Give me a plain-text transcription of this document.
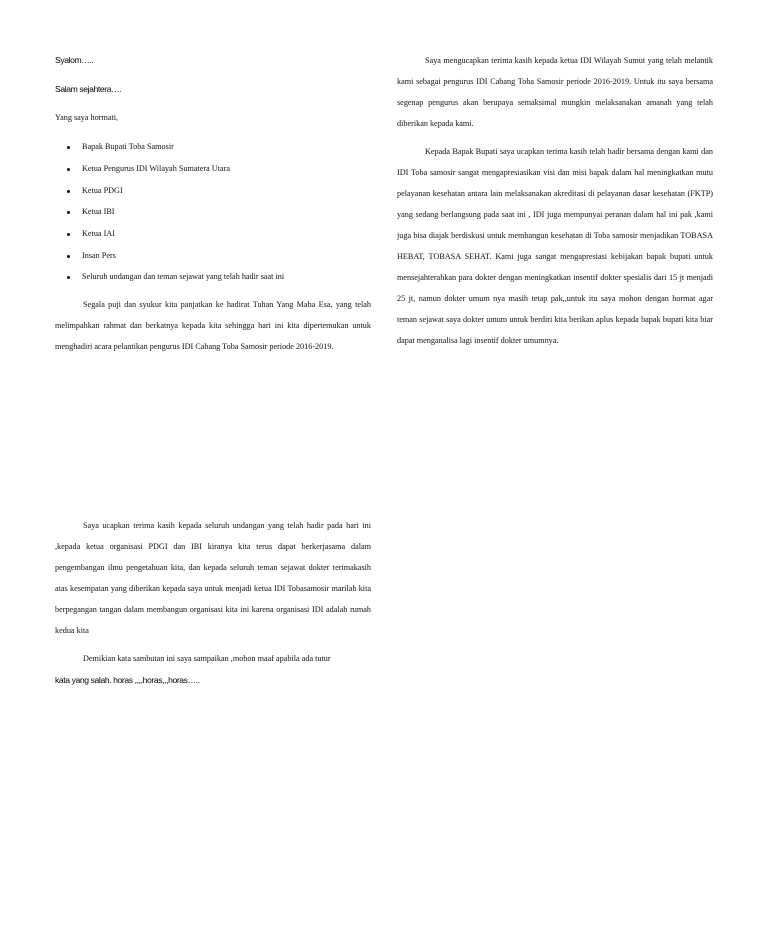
Syalom…..
Salam sejahtera….
Yang saya hormati,
Bapak Bupati Toba Samosir
Ketua Pengurus IDI Wilayah Sumatera Utara
Ketua PDGI
Ketua IBI
Ketua IAI
Insan Pers
Seluruh undangan dan teman sejawat yang telah hadir saat ini

Segala puji dan syukur kita panjatkan ke hadirat Tuhan Yang Maha Esa, yang telah melimpahkan rahmat dan berkatnya kepada kita sehingga hari ini kita dipertemukan untuk menghadiri acara pelantikan pengurus IDI Cabang Toba Samosir periode 2016-2019.

Saya ucapkan terima kasih kepada seluruh undangan yang telah hadir pada hari ini ,kepada ketua organisasi PDGI dan IBI kiranya kita terus dapat berkerjasama dalam pengembangan ilmu pengetahuan kita, dan kepada seluruh teman sejawat dokter terimakasih atas kesempatan yang diberikan kepada saya untuk menjadi ketua IDI Tobasamosir marilah kita berpegangan tangan dalam membangun organisasi kita ini karena organisasi IDI adalah rumah kedua kita

Demikian kata sambutan ini saya sampaikan ,mohon maaf apabila ada tutur

kata yang salah. horas ,,,,horas,,,horas…..

Saya mengucapkan terima kasih kepada ketua IDI Wilayah Sumut yang telah melantik kami sebagai pengurus IDI Cabang Toba Samosir periode 2016-2019. Untuk itu saya bersama segenap pengurus akan berupaya semaksimal mungkin melaksanakan amanah yang telah diberikan kepada kami.

Kepada Bapak Bupati saya ucapkan terima kasih telah hadir bersama dengan kami dan IDI Toba samosir sangat mengapresiasikan visi dan misi bapak dalam hal meningkatkan mutu pelayanan kesehatan antara lain melaksanakan akreditasi di pelayanan dasar kesehatan (FKTP) yang sedang berlangsung pada saat ini , IDI juga mempunyai peranan dalam hal ini pak ,kami juga bisa diajak berdiskusi untuk membangun kesehatan di Toba samosir menjadikan TOBASA HEBAT, TOBASA SEHAT. Kami juga sangat mengapresiasi kebijakan bapak bupati untuk mensejahterahkan para dokter dengan meningkatkan insentif dokter spesialis dari 15 jt menjadi 25 jt, namun dokter umum nya masih tetap pak,,untuk itu saya mohon dengan hormat agar teman sejawat saya dokter umum untuk berdiri kita berikan aplus kepada bapak bupati kita biar dapat menganalisa lagi insentif dokter umumnya.
